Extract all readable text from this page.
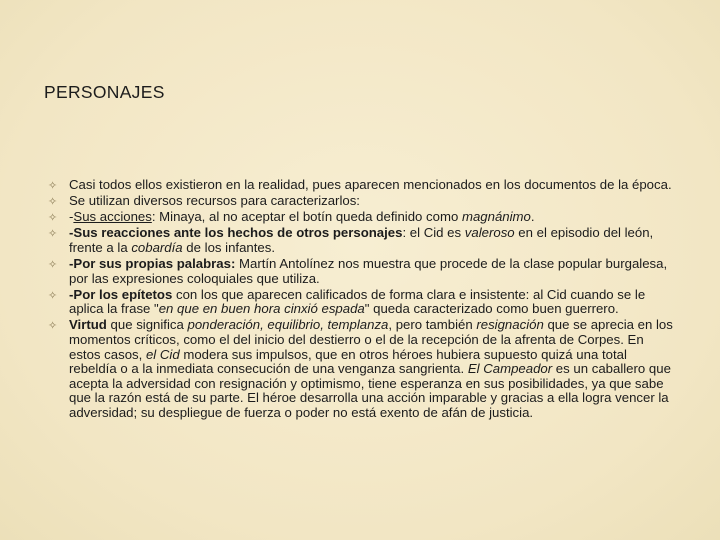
PERSONAJES
✧ Casi todos ellos existieron en la realidad, pues aparecen mencionados en los documentos de la época.
✧ Se utilizan diversos recursos para caracterizarlos:
✧ -Sus acciones: Minaya, al no aceptar el botín queda definido como magnánimo.
✧ -Sus reacciones ante los hechos de otros personajes: el Cid es valeroso en el episodio del león, frente a la cobardía de los infantes.
✧ -Por sus propias palabras: Martín Antolínez nos muestra que procede de la clase popular burgalesa, por las expresiones coloquiales que utiliza.
✧ -Por los epítetos con los que aparecen calificados de forma clara e insistente: al Cid cuando se le aplica la frase "en que en buen hora cinxió espada" queda caracterizado como buen guerrero.
✧ Virtud que significa ponderación, equilibrio, templanza, pero también resignación que se aprecia en los momentos críticos, como el del inicio del destierro o el de la recepción de la afrenta de Corpes. En estos casos, el Cid modera sus impulsos, que en otros héroes hubiera supuesto quizá una total rebeldía o a la inmediata consecución de una venganza sangrienta. El Campeador es un caballero que acepta la adversidad con resignación y optimismo, tiene esperanza en sus posibilidades, ya que sabe que la razón está de su parte. El héroe desarrolla una acción imparable y gracias a ella logra vencer la adversidad; su despliegue de fuerza o poder no está exento de afán de justicia.
